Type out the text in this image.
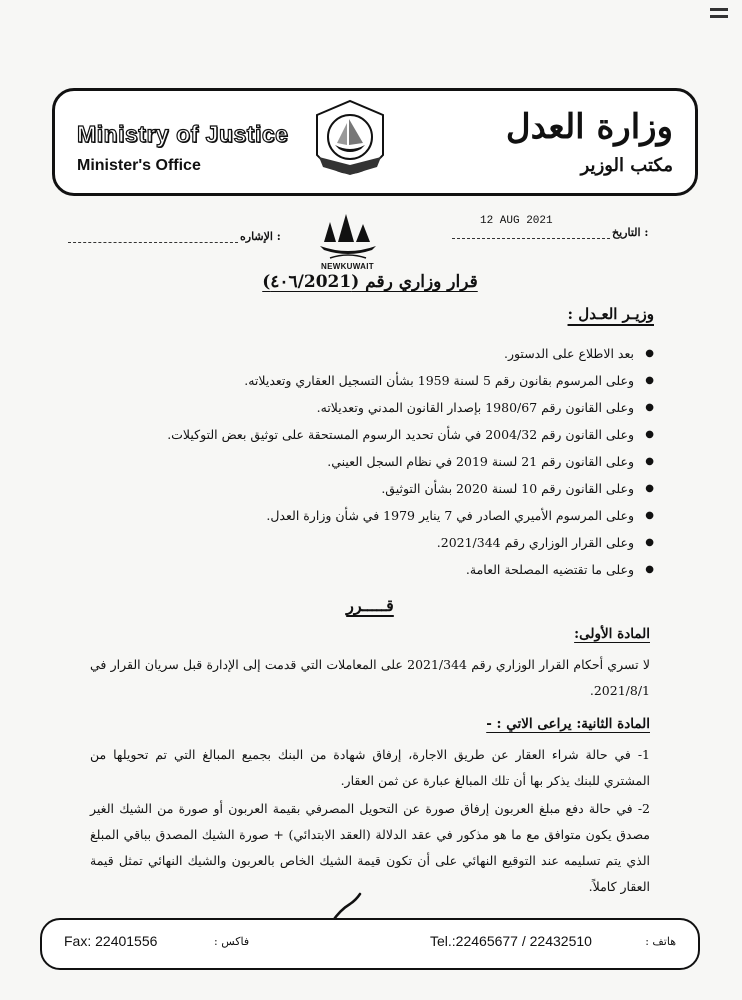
Ministry of Justice
Minister's Office
وزارة العدل
مكتب الوزير
: الإشاره
12 AUG 2021
: التاريخ
NEWKUWAIT
قرار وزاري رقم (٤٠٦/2021)
وزيـر العـدل :
● بعد الاطلاع على الدستور.
● وعلى المرسوم بقانون رقم 5 لسنة 1959 بشأن التسجيل العقاري وتعديلاته.
● وعلى القانون رقم 1980/67 بإصدار القانون المدني وتعديلاته.
● وعلى القانون رقم 2004/32 في شأن تحديد الرسوم المستحقة على توثيق بعض التوكيلات.
● وعلى القانون رقم 21 لسنة 2019 في نظام السجل العيني.
● وعلى القانون رقم 10 لسنة 2020 بشأن التوثيق.
● وعلى المرسوم الأميري الصادر في 7 يناير 1979 في شأن وزارة العدل.
● وعلى القرار الوزاري رقم 2021/344.
● وعلى ما تقتضيه المصلحة العامة.
قـــــرر
المادة الأولى:
لا تسري أحكام القرار الوزاري رقم 2021/344 على المعاملات التي قدمت إلى الإدارة قبل سريان القرار في 2021/8/1.
المادة الثانية: يراعى الاتي : -
1- في حالة شراء العقار عن طريق الاجارة، إرفاق شهادة من البنك بجميع المبالغ التي تم تحويلها من المشتري للبنك يذكر بها أن تلك المبالغ عبارة عن ثمن العقار.
2- في حالة دفع مبلغ العربون إرفاق صورة عن التحويل المصرفي بقيمة العربون أو صورة من الشيك الغير مصدق يكون متوافق مع ما هو مذكور في عقد الدلالة (العقد الابتدائي) + صورة الشيك المصدق بباقي المبلغ الذي يتم تسليمه عند التوقيع النهائي على أن تكون قيمة الشيك الخاص بالعربون والشيك النهائي تمثل قيمة العقار كاملاً.
هاتف :
Tel.:22465677 / 22432510
فاكس :
Fax: 22401556
